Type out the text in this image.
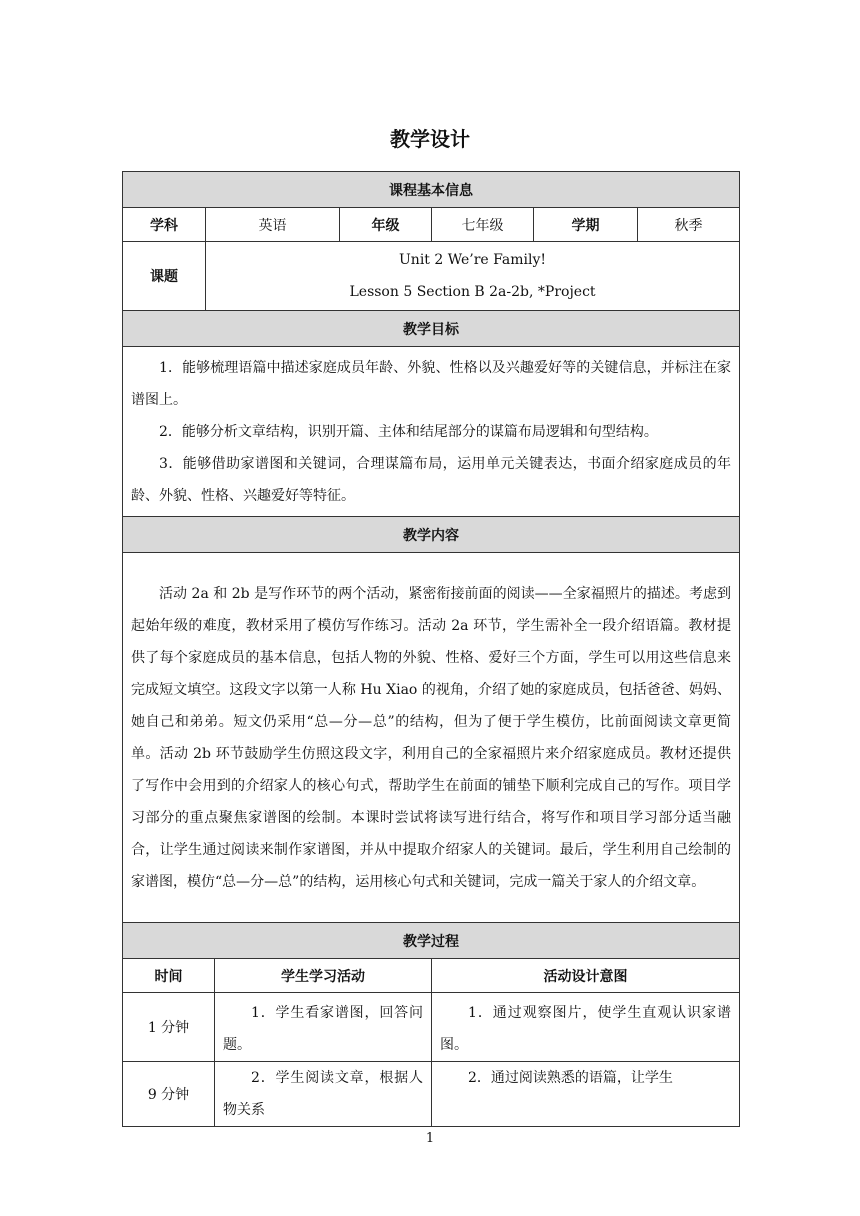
教学设计
课程基本信息						
学科	英语		年级	七年级	学期	秋季
课题	Unit 2 We’re Family!
Lesson 5 Section B 2a-2b, *Project					

教学目标						

1．能够梳理语篇中描述家庭成员年龄、外貌、性格以及兴趣爱好等的关键信息，并标注在家谱图上。

2．能够分析文章结构，识别开篇、主体和结尾部分的谋篇布局逻辑和句型结构。

3．能够借助家谱图和关键词，合理谋篇布局，运用单元关键表达，书面介绍家庭成员的年龄、外貌、性格、兴趣爱好等特征。						

教学内容						

活动 2a 和 2b 是写作环节的两个活动，紧密衔接前面的阅读——全家福照片的描述。考虑到起始年级的难度，教材采用了模仿写作练习。活动 2a 环节，学生需补全一段介绍语篇。教材提供了每个家庭成员的基本信息，包括人物的外貌、性格、爱好三个方面，学生可以用这些信息来完成短文填空。这段文字以第一人称 Hu Xiao 的视角，介绍了她的家庭成员，包括爸爸、妈妈、她自己和弟弟。短文仍采用“总—分—总”的结构，但为了便于学生模仿，比前面阅读文章更简单。活动 2b 环节鼓励学生仿照这段文字，利用自己的全家福照片来介绍家庭成员。教材还提供了写作中会用到的介绍家人的核心句式，帮助学生在前面的铺垫下顺利完成自己的写作。项目学习部分的重点聚焦家谱图的绘制。本课时尝试将读写进行结合，将写作和项目学习部分适当融合，让学生通过阅读来制作家谱图，并从中提取介绍家人的关键词。最后，学生利用自己绘制的家谱图，模仿“总—分—总”的结构，运用核心句式和关键词，完成一篇关于家人的介绍文章。						

教学过程						
时间		学生学习活动		活动设计意图		
1 分钟		1．学生看家谱图，回答问题。		1．通过观察图片，使学生直观认识家谱图。		

9 分钟		2．学生阅读文章，根据人物关系		2．通过阅读熟悉的语篇，让学生		

1
